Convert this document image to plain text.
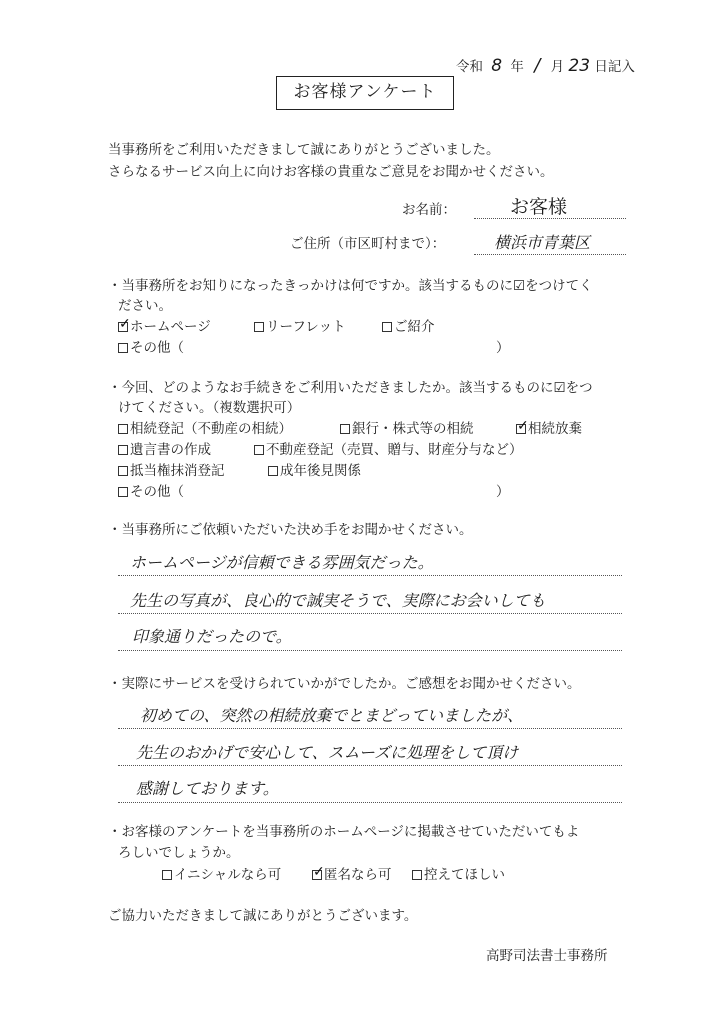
令和 8 年 / 月 23 日記入
お客様アンケート
当事務所をご利用いただきまして誠にありがとうございました。
さらなるサービス向上に向けお客様の貴重なご意見をお聞かせください。
お名前：	お客様
ご住所（市区町村まで）：	横浜市青葉区
・当事務所をお知りになったきっかけは何ですか。該当するものに☑をつけてく
ださい。
✓ホームページ	リーフレット	ご紹介
その他（	）
・今回、どのようなお手続きをご利用いただきましたか。該当するものに☑をつ
けてください。（複数選択可）
相続登記（不動産の相続）	銀行・株式等の相続 ✓	相続放棄
遺言書の作成	不動産登記（売買、贈与、財産分与など）
抵当権抹消登記	成年後見関係
その他（	）
・当事務所にご依頼いただいた決め手をお聞かせください。
ホームページが信頼できる雰囲気だった。
先生の写真が、良心的で誠実そうで、実際にお会いしても
印象通りだったので。
・実際にサービスを受けられていかがでしたか。ご感想をお聞かせください。
初めての、突然の相続放棄でとまどっていましたが、
先生のおかげで安心して、スムーズに処理をして頂け
感謝しております。
・お客様のアンケートを当事務所のホームページに掲載させていただいてもよ
ろしいでしょうか。
イニシャルなら可 ✓	匿名なら可	控えてほしい
ご協力いただきまして誠にありがとうございます。
高野司法書士事務所
